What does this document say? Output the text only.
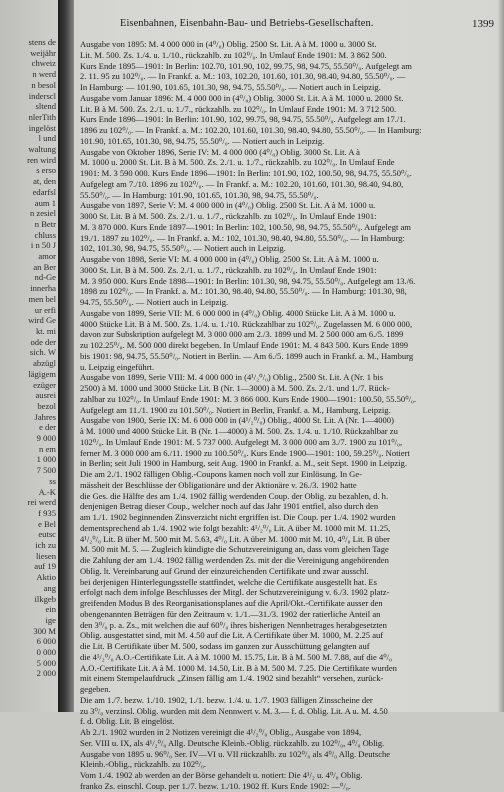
stens de
weijähr
chweiz
n werd
n besol
inderscl
sltend
nlerTith
ingelöst
l und
waltung
ren wird
s erso
at, den
edarfsl
aum 1
n zesiel
n Betr
chluss
i n 50 J
amor
an Ber
nd-Ge
innerha
men bel
ur erfi
wird Ge
kt. mi
ode der
sich. W
abzügl
lägigem
ezüger
ausrei
bezol
Jahres
e der
9 000
n em
1 000
7 500
ss
A.-K
rei werd
f 935
e Bel
eutsc
ich zu
liesen
auf 19
Aktio
ang
ilkgeb
ein
ige
300 M
6 000
0 000
5 000
2 000
Eisenbahnen, Eisenbahn-Bau- und Betriebs-Gesellschaften.	1399
Ausgabe von 1895: M. 4 000 000 in (4⁰/₀) Oblig. 2500 St. Lit. A à M. 1000 u. 3000 St.
Lit. M. 500. Zs. 1./4. u. 1./10., rückzahlb. zu 102⁰/₀. In Umlauf Ende 1901: M. 3 862 500.
Kurs Ende 1895—1901: In Berlin: 102.70, 101.90, 102, 99.75, 98, 94.75, 55.50⁰/₀. Aufgelegt am
2. 11. 95 zu 102⁰/₀. — In Frankf. a. M.: 103, 102.20, 101.60, 101.30, 98.40, 94.80, 55.50⁰/₀. —
In Hamburg: — 101.90, 101.65, 101.30, 98, 94.75, 55.50⁰/₀. — Notiert auch in Leipzig.
Ausgabe vom Januar 1896: M. 4 000 000 in (4⁰/₀) Oblig. 3000 St. Lit. A à M. 1000 u. 2000 St.
Lit. B à M. 500. Zs. 2./1. u. 1./7., rückzahlb. zu 102⁰/₀. In Umlauf Ende 1901: M. 3 712 500.
Kurs Ende 1896—1901: In Berlin: 101.90, 102, 99.75, 98, 94.75, 55.50⁰/₀. Aufgelegt am 17./1.
1896 zu 102⁰/₀. — In Frankf. a. M.: 102.20, 101.60, 101.30, 98.40, 94.80, 55.50⁰/₀. — In Hamburg:
101.90, 101.65, 101.30, 98, 94.75, 55.50⁰/₀. — Notiert auch in Leipzig.
Ausgabe von Oktober 1896, Serie IV: M. 4 000 000 (4⁰/₀) Oblig. 3000 St. Lit. A à
M. 1000 u. 2000 St. Lit. B à M. 500. Zs. 2./1. u. 1./7., rückzahlb. zu 102⁰/₀. In Umlauf Ende
1901: M. 3 590 000. Kurs Ende 1896—1901: In Berlin: 101.90, 102, 100.50, 98, 94.75, 55.50⁰/₀.
Aufgelegt am 7./10. 1896 zu 102⁰/₀. — In Frankf. a. M.: 102.20, 101.60, 101.30, 98.40, 94.80,
55.50⁰/₀. — In Hamburg: 101.90, 101.65, 101.30, 98, 94.75, 55.50⁰/₀.
Ausgabe von 1897, Serie V: M. 4 000 000 in (4⁰/₀) Oblig. 2500 St. Lit. A à M. 1000 u.
3000 St. Lit. B à M. 500. Zs. 2./1. u. 1./7., rückzahlb. zu 102⁰/₀. In Umlauf Ende 1901:
M. 3 870 000. Kurs Ende 1897—1901: In Berlin: 102, 100.50, 98, 94.75, 55.50⁰/₀. Aufgelegt am
19./1. 1897 zu 102⁰/₀. — In Frankf. a. M.: 102, 101.30, 98.40, 94.80, 55.50⁰/₀. — In Hamburg:
102, 101.30, 98, 94.75, 55.50⁰/₀. — Notiert auch in Leipzig.
Ausgabe von 1898, Serie VI: M. 4 000 000 in (4⁰/₀) Oblig. 2500 St. Lit. A à M. 1000 u.
3000 St. Lit. B à M. 500. Zs. 2./1. u. 1./7., rückzahlb. zu 102⁰/₀. In Umlauf Ende 1901:
M. 3 950 000. Kurs Ende 1898—1901: In Berlin: 101.30, 98, 94.75, 55.50⁰/₀. Aufgelegt am 13./6.
1898 zu 102⁰/₀. — In Frankf. a. M.: 101.30, 98.40, 94.80, 55.50⁰/₀. — In Hamburg: 101.30, 98,
94.75, 55.50⁰/₀. — Notiert auch in Leipzig.
Ausgabe von 1899, Serie VII: M. 6 000 000 in (4⁰/₀) Oblig. 4000 Stücke Lit. A à M. 1000 u.
4000 Stücke Lit. B à M. 500. Zs. 1./4. u. 1./10. Rückzahlbar zu 102⁰/₀. Zugelassen M. 6 000 000,
davon zur Subskription aufgelegt M. 3 000 000 am 2./3. 1899 und M. 2 500 000 am 6./5. 1899
zu 102.25⁰/₀. M. 500 000 direkt begeben. In Umlauf Ende 1901: M. 4 843 500. Kurs Ende 1899
bis 1901: 98, 94.75, 55.50⁰/₀. Notiert in Berlin. — Am 6./5. 1899 auch in Frankf. a. M., Hamburg
u. Leipzig eingeführt.
Ausgabe von 1899, Serie VIII: M. 4 000 000 in (4¹/₂⁰/₀) Oblig., 2500 St. Lit. A (Nr. 1 bis
2500) à M. 1000 und 3000 Stücke Lit. B (Nr. 1—3000) à M. 500. Zs. 2./1. und 1./7. Rück-
zahlbar zu 102⁰/₀. In Umlauf Ende 1901: M. 3 866 000. Kurs Ende 1900—1901: 100.50, 55.50⁰/₀.
Aufgelegt am 11./1. 1900 zu 101.50⁰/₀. Notiert in Berlin, Frankf. a. M., Hamburg, Leipzig.
Ausgabe von 1900, Serie IX: M. 6 000 000 in (4¹/₂⁰/₀) Oblig., 4000 St. Lit. A (Nr. 1—4000)
à M. 1000 und 4000 Stücke Lit. B (Nr. 1—4000) à M. 500. Zs. 1./4. u. 1./10. Rückzahlbar zu
102⁰/₀. In Umlauf Ende 1901: M. 5 737 000. Aufgelegt M. 3 000 000 am 3./7. 1900 zu 101⁰/₀,
ferner M. 3 000 000 am 6./11. 1900 zu 100.50⁰/₀. Kurs Ende 1900—1901: 100, 59.25⁰/₀. Notiert
in Berlin; seit Juli 1900 in Hamburg, seit Aug. 1900 in Frankf. a. M., seit Sept. 1900 in Leipzig.
Die am 2./1. 1902 fälligen Oblig.-Coupons kamen noch voll zur Einlösung. In Ge-
mässheit der Beschlüsse der Obligationäre und der Aktionäre v. 26./3. 1902 hatte
die Ges. die Hälfte des am 1./4. 1902 fällig werdenden Coup. der Oblig. zu bezahlen, d. h.
denjenigen Betrag dieser Coup., welcher noch auf das Jahr 1901 entfiel, also durch den
am 1./1. 1902 beginnenden Zinsverzicht nicht ergriffen ist. Die Coup. per 1./4. 1902 wurden
dementsprechend ab 1./4. 1902 wie folgt bezahlt: 4¹/₂⁰/₀ Lit. A über M. 1000 mit M. 11.25,
4¹/₂⁰/₀ Lit. B über M. 500 mit M. 5.63, 4⁰/₀ Lit. A über M. 1000 mit M. 10, 4⁰/₀ Lit. B über
M. 500 mit M. 5. — Zugleich kündigte die Schutzvereinigung an, dass vom gleichen Tage
die Zahlung der am 1./4. 1902 fällig werdenden Zs. mit der die Vereinigung angehörenden
Oblig. lt. Vereinbarung auf Grund der einzureichenden Certifikate und zwar ausschl.
bei derjenigen Hinterlegungsstelle stattfindet, welche die Certifikate ausgestellt hat. Es
erfolgt nach dem infolge Beschlusses der Mitgl. der Schutzvereinigung v. 6./3. 1902 platz-
greifenden Modus B des Reorganisationsplanes auf die April/Okt.-Certifikate ausser den
obengenannten Beträgen für den Zeitraum v. 1./1.—31./3. 1902 der ratierliche Anteil an
den 3⁰/₀ p. a. Zs., mit welchen die auf 60⁰/₀ ihres bisherigen Nennbetrages herabgesetzten
Oblig. ausgestattet sind, mit M. 4.50 auf die Lit. A Certifikate über M. 1000, M. 2.25 auf
die Lit. B Certifikate über M. 500, sodass im ganzen zur Ausschüttung gelangten auf
die 4¹/₂⁰/₀ A.O.-Certifikate Lit. A à M. 1000 M. 15.75, Lit. B à M. 500 M. 7.88, auf die 4⁰/₀
A.O.-Certifikate Lit. A à M. 1000 M. 14.50, Lit. B à M. 500 M. 7.25. Die Certifikate wurden
mit einem Stempelaufdruck „Zinsen fällig am 1./4. 1902 sind bezahlt“ versehen, zurück-
gegeben.
Die am 1./7. bezw. 1./10. 1902, 1./1. bezw. 1./4. u. 1./7. 1903 fälligen Zinsscheine der
zu 3⁰/₀ verzinsl. Oblig. wurden mit dem Nennwert v. M. 3.— f. d. Oblig. Lit. A u. M. 4.50
f. d. Oblig. Lit. B eingelöst.
Ab 2./1. 1902 wurden in 2 Notizen vereinigt die 4¹/₂⁰/₀ Oblig., Ausgabe von 1894,
Ser. VIII u. IX, als 4¹/₂⁰/₀ Allg. Deutsche Kleinb.-Oblig. rückzahlb. zu 102⁰/₀, 4⁰/₀ Oblig.
Ausgabe von 1895 u. 96⁰/₀ Ser. IV—VI u. VII rückzahlb. zu 102⁰/₀ als 4⁰/₀ Allg. Deutsche
Kleinb.-Oblig., rückzahlb. zu 102⁰/₀.
Vom 1./4. 1902 ab werden an der Börse gehandelt u. notiert: Die 4¹/₂ u. 4⁰/₀ Oblig.
franko Zs. einschl. Coup. per 1./7. bezw. 1./10. 1902 ff. Kurs Ende 1902: —⁰/₀.
